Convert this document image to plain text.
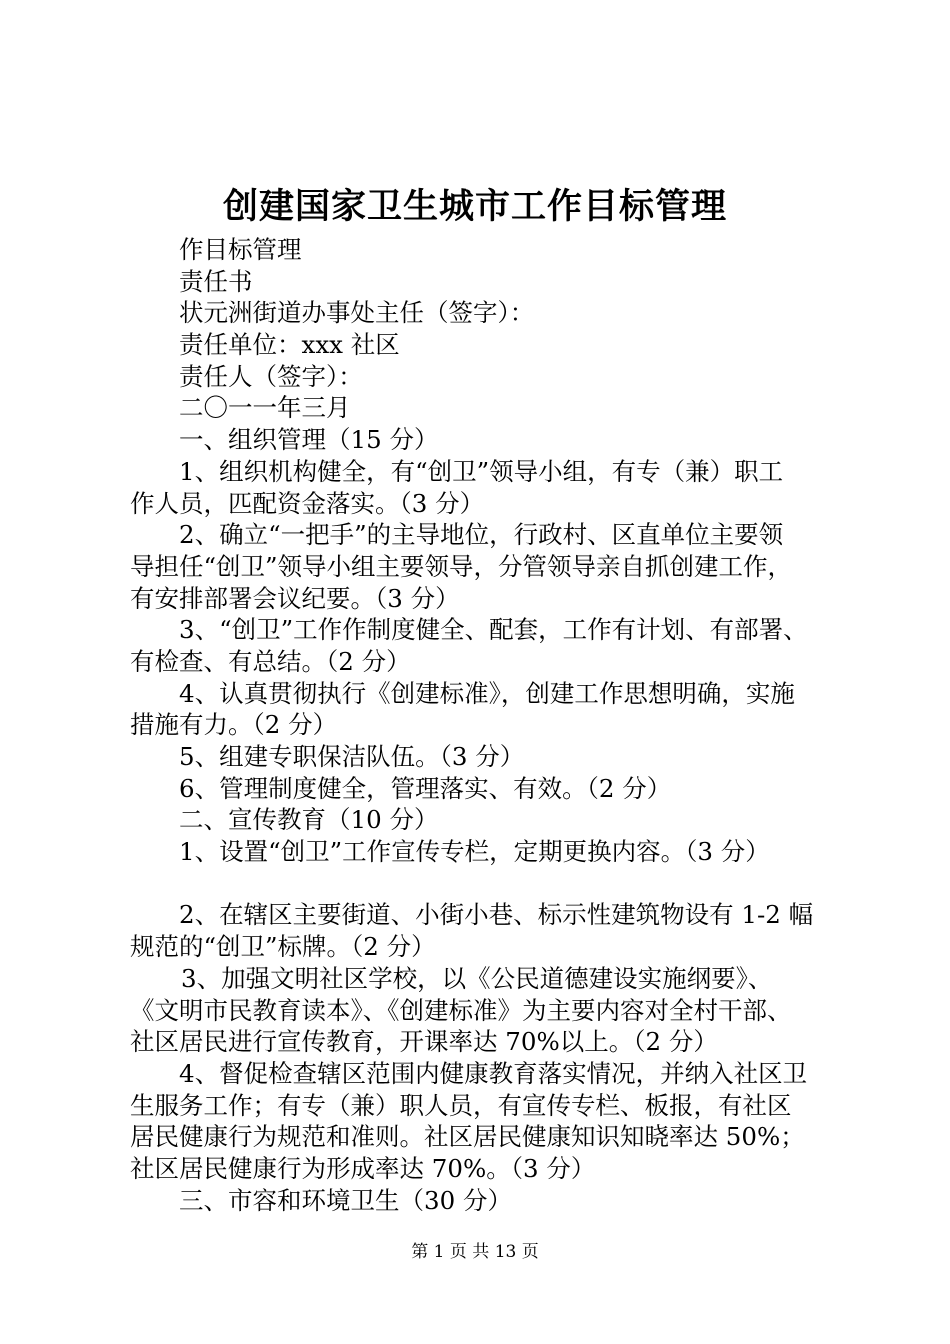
创建国家卫生城市工作目标管理
作目标管理
责任书
状元洲街道办事处主任（签字）：
责任单位：xxx 社区
责任人（签字）：
二〇一一年三月
一、组织管理（15 分）
1、组织机构健全，有“创卫”领导小组，有专（兼）职工
作人员，匹配资金落实。（3 分）
2、确立“一把手”的主导地位，行政村、区直单位主要领
导担任“创卫”领导小组主要领导，分管领导亲自抓创建工作，
有安排部署会议纪要。（3 分）
3、“创卫”工作作制度健全、配套，工作有计划、有部署、
有检查、有总结。（2 分）
4、认真贯彻执行《创建标准》，创建工作思想明确，实施
措施有力。（2 分）
5、组建专职保洁队伍。（3 分）
6、管理制度健全，管理落实、有效。（2 分）
二、宣传教育（10 分）
1、设置“创卫”工作宣传专栏，定期更换内容。（3 分）
2、在辖区主要街道、小街小巷、标示性建筑物设有 1-2 幅
规范的“创卫”标牌。（2 分）
3、加强文明社区学校，以《公民道德建设实施纲要》、
《文明市民教育读本》、《创建标准》为主要内容对全村干部、
社区居民进行宣传教育，开课率达 70%以上。（2 分）
4、督促检查辖区范围内健康教育落实情况，并纳入社区卫
生服务工作；有专（兼）职人员，有宣传专栏、板报，有社区
居民健康行为规范和准则。社区居民健康知识知晓率达 50%；
社区居民健康行为形成率达 70%。（3 分）
三、市容和环境卫生（30 分）
第 1 页 共 13 页
